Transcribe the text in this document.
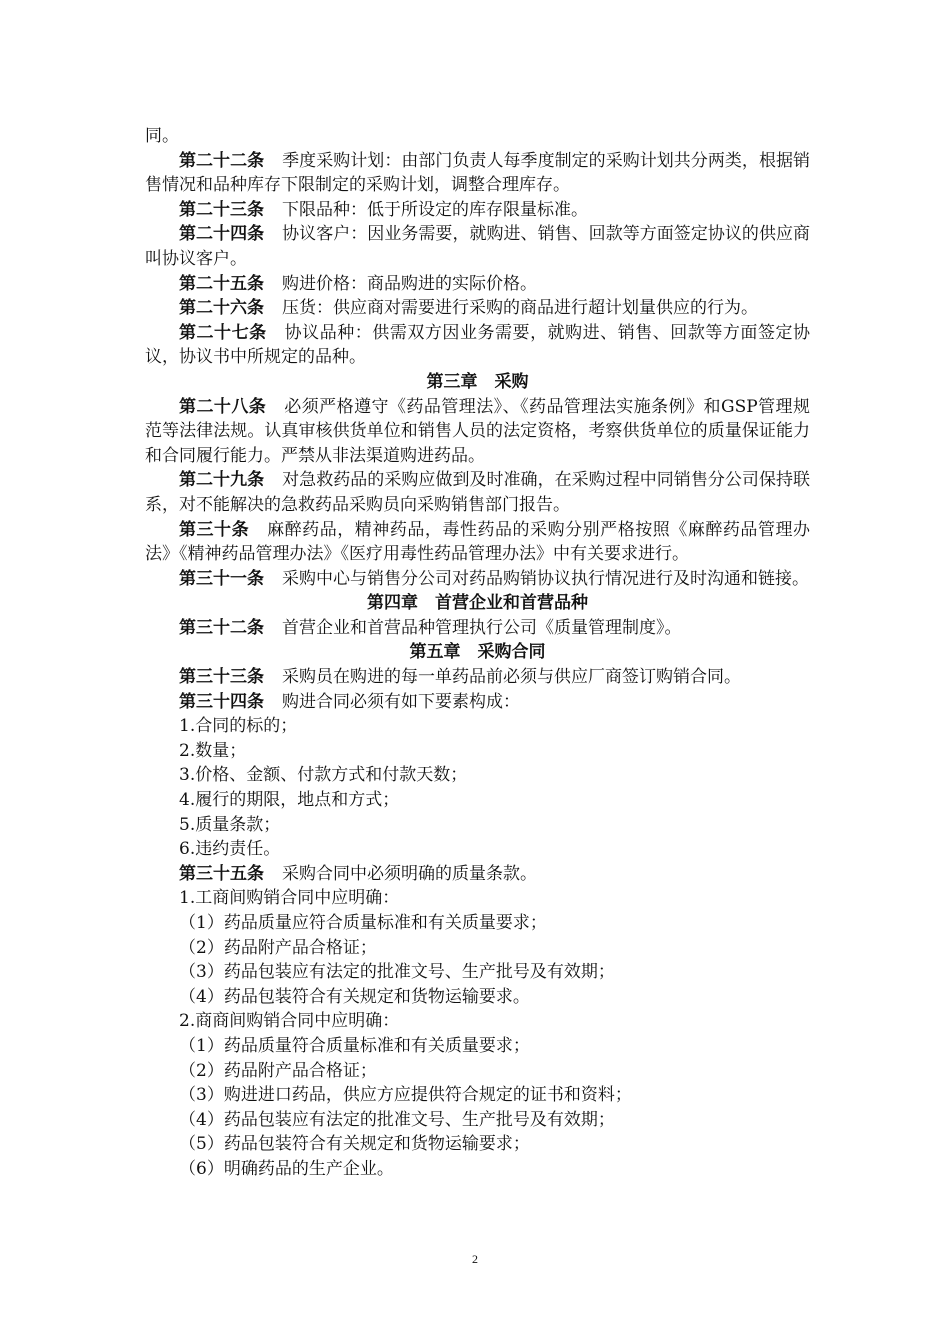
同。

第二十二条 季度采购计划：由部门负责人每季度制定的采购计划共分两类，根据销售情况和品种库存下限制定的采购计划，调整合理库存。

第二十三条 下限品种：低于所设定的库存限量标准。

第二十四条 协议客户：因业务需要，就购进、销售、回款等方面签定协议的供应商叫协议客户。

第二十五条 购进价格：商品购进的实际价格。

第二十六条 压货：供应商对需要进行采购的商品进行超计划量供应的行为。

第二十七条 协议品种：供需双方因业务需要，就购进、销售、回款等方面签定协议，协议书中所规定的品种。

第三章　采购

第二十八条 必须严格遵守《药品管理法》、《药品管理法实施条例》和GSP管理规范等法律法规。认真审核供货单位和销售人员的法定资格，考察供货单位的质量保证能力和合同履行能力。严禁从非法渠道购进药品。

第二十九条 对急救药品的采购应做到及时准确，在采购过程中同销售分公司保持联系，对不能解决的急救药品采购员向采购销售部门报告。

第三十条 麻醉药品，精神药品，毒性药品的采购分别严格按照《麻醉药品管理办法》《精神药品管理办法》《医疗用毒性药品管理办法》中有关要求进行。

第三十一条 采购中心与销售分公司对药品购销协议执行情况进行及时沟通和链接。

第四章　首营企业和首营品种

第三十二条 首营企业和首营品种管理执行公司《质量管理制度》。

第五章　采购合同

第三十三条 采购员在购进的每一单药品前必须与供应厂商签订购销合同。

第三十四条 购进合同必须有如下要素构成：

1.合同的标的；

2.数量；

3.价格、金额、付款方式和付款天数；

4.履行的期限，地点和方式；

5.质量条款；

6.违约责任。

第三十五条 采购合同中必须明确的质量条款。

1.工商间购销合同中应明确：

（1）药品质量应符合质量标准和有关质量要求；

（2）药品附产品合格证；

（3）药品包装应有法定的批准文号、生产批号及有效期；

（4）药品包装符合有关规定和货物运输要求。

2.商商间购销合同中应明确：

（1）药品质量符合质量标准和有关质量要求；

（2）药品附产品合格证；

（3）购进进口药品，供应方应提供符合规定的证书和资料；

（4）药品包装应有法定的批准文号、生产批号及有效期；

（5）药品包装符合有关规定和货物运输要求；

（6）明确药品的生产企业。

2
